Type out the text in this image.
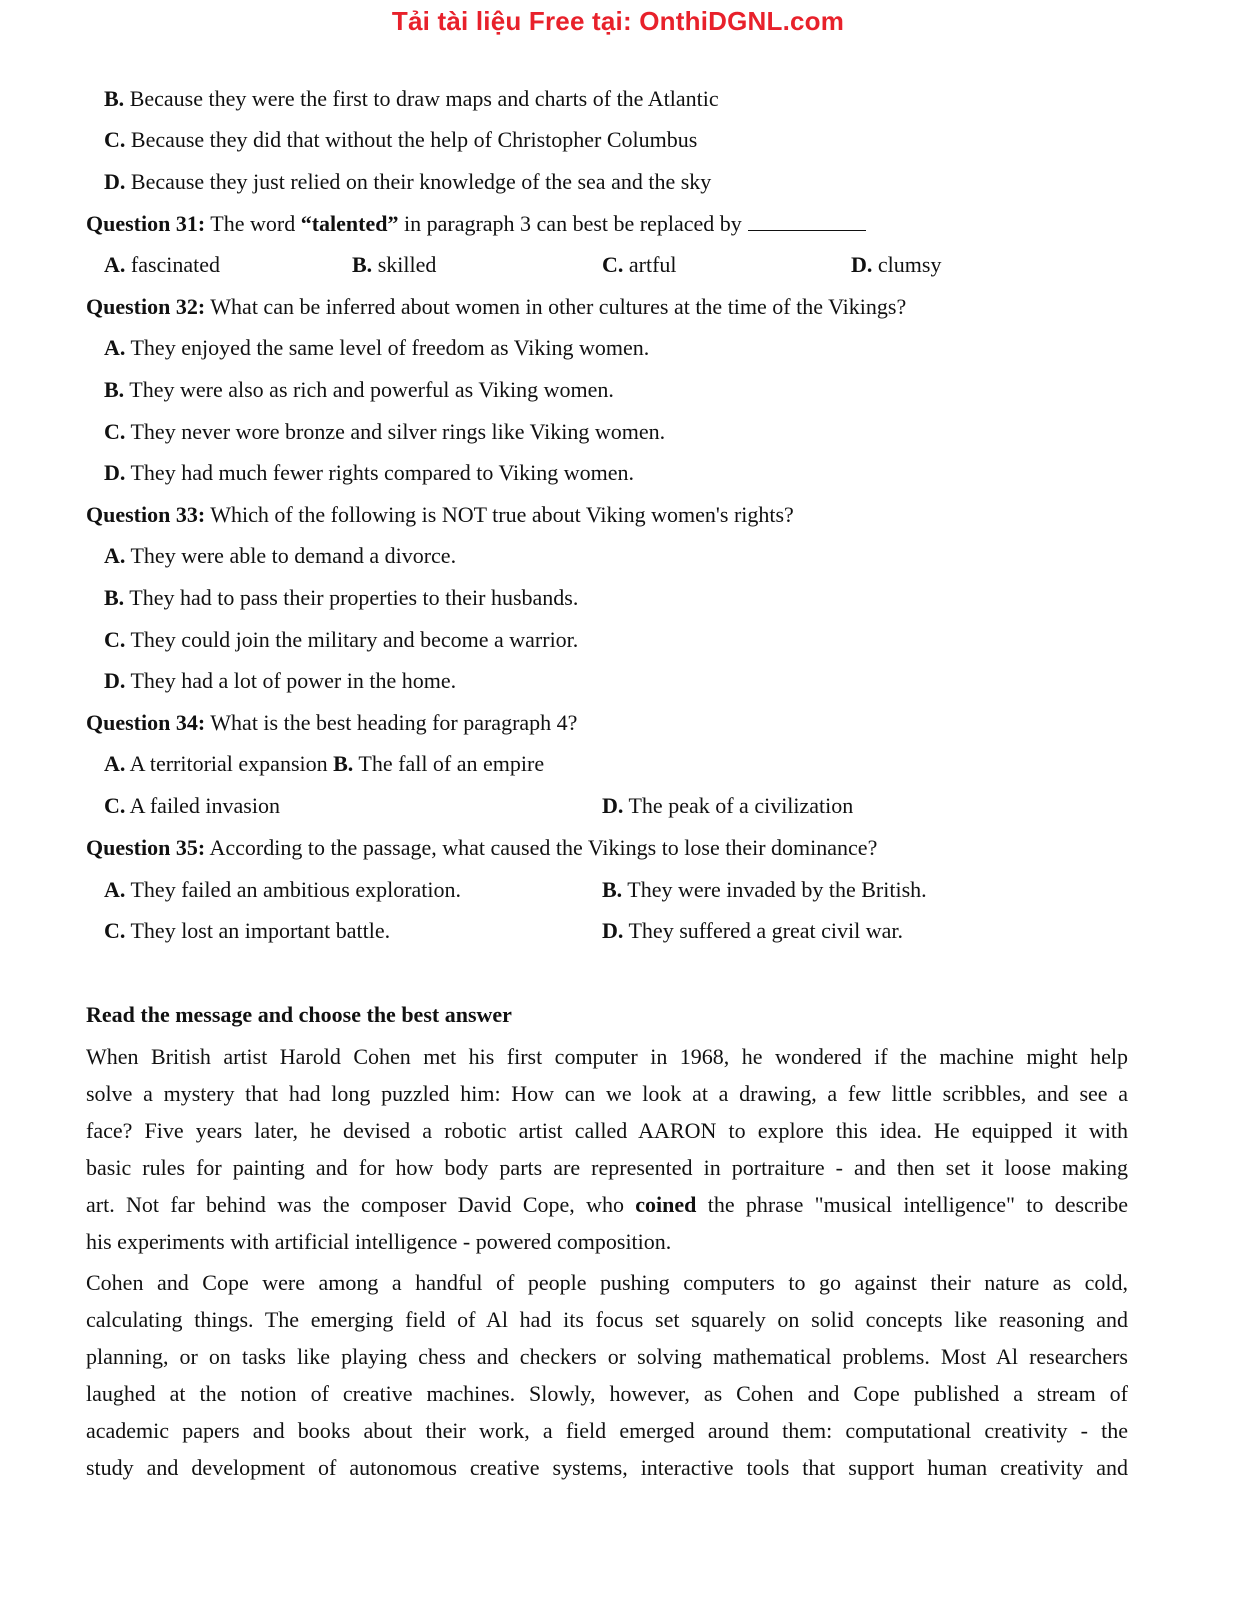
Tải tài liệu Free tại: OnthiDGNL.com
B. Because they were the first to draw maps and charts of the Atlantic
C. Because they did that without the help of Christopher Columbus
D. Because they just relied on their knowledge of the sea and the sky
Question 31: The word “talented” in paragraph 3 can best be replaced by
A. fascinated	B. skilled	C. artful	D. clumsy
Question 32: What can be inferred about women in other cultures at the time of the Vikings?
A. They enjoyed the same level of freedom as Viking women.
B. They were also as rich and powerful as Viking women.
C. They never wore bronze and silver rings like Viking women.
D. They had much fewer rights compared to Viking women.
Question 33: Which of the following is NOT true about Viking women's rights?
A. They were able to demand a divorce.
B. They had to pass their properties to their husbands.
C. They could join the military and become a warrior.
D. They had a lot of power in the home.
Question 34: What is the best heading for paragraph 4?
A. A territorial expansion B. The fall of an empire
C. A failed invasion	D. The peak of a civilization
Question 35: According to the passage, what caused the Vikings to lose their dominance?
A. They failed an ambitious exploration.	B. They were invaded by the British.
C. They lost an important battle.	D. They suffered a great civil war.
Read the message and choose the best answer
When British artist Harold Cohen met his first computer in 1968, he wondered if the machine might help
solve a mystery that had long puzzled him: How can we look at a drawing, a few little scribbles, and see a
face? Five years later, he devised a robotic artist called AARON to explore this idea. He equipped it with
basic rules for painting and for how body parts are represented in portraiture - and then set it loose making
art. Not far behind was the composer David Cope, who coined the phrase "musical intelligence" to describe
his experiments with artificial intelligence - powered composition.
Cohen and Cope were among a handful of people pushing computers to go against their nature as cold,
calculating things. The emerging field of Al had its focus set squarely on solid concepts like reasoning and
planning, or on tasks like playing chess and checkers or solving mathematical problems. Most Al researchers
laughed at the notion of creative machines. Slowly, however, as Cohen and Cope published a stream of
academic papers and books about their work, a field emerged around them: computational creativity - the
study and development of autonomous creative systems, interactive tools that support human creativity and
